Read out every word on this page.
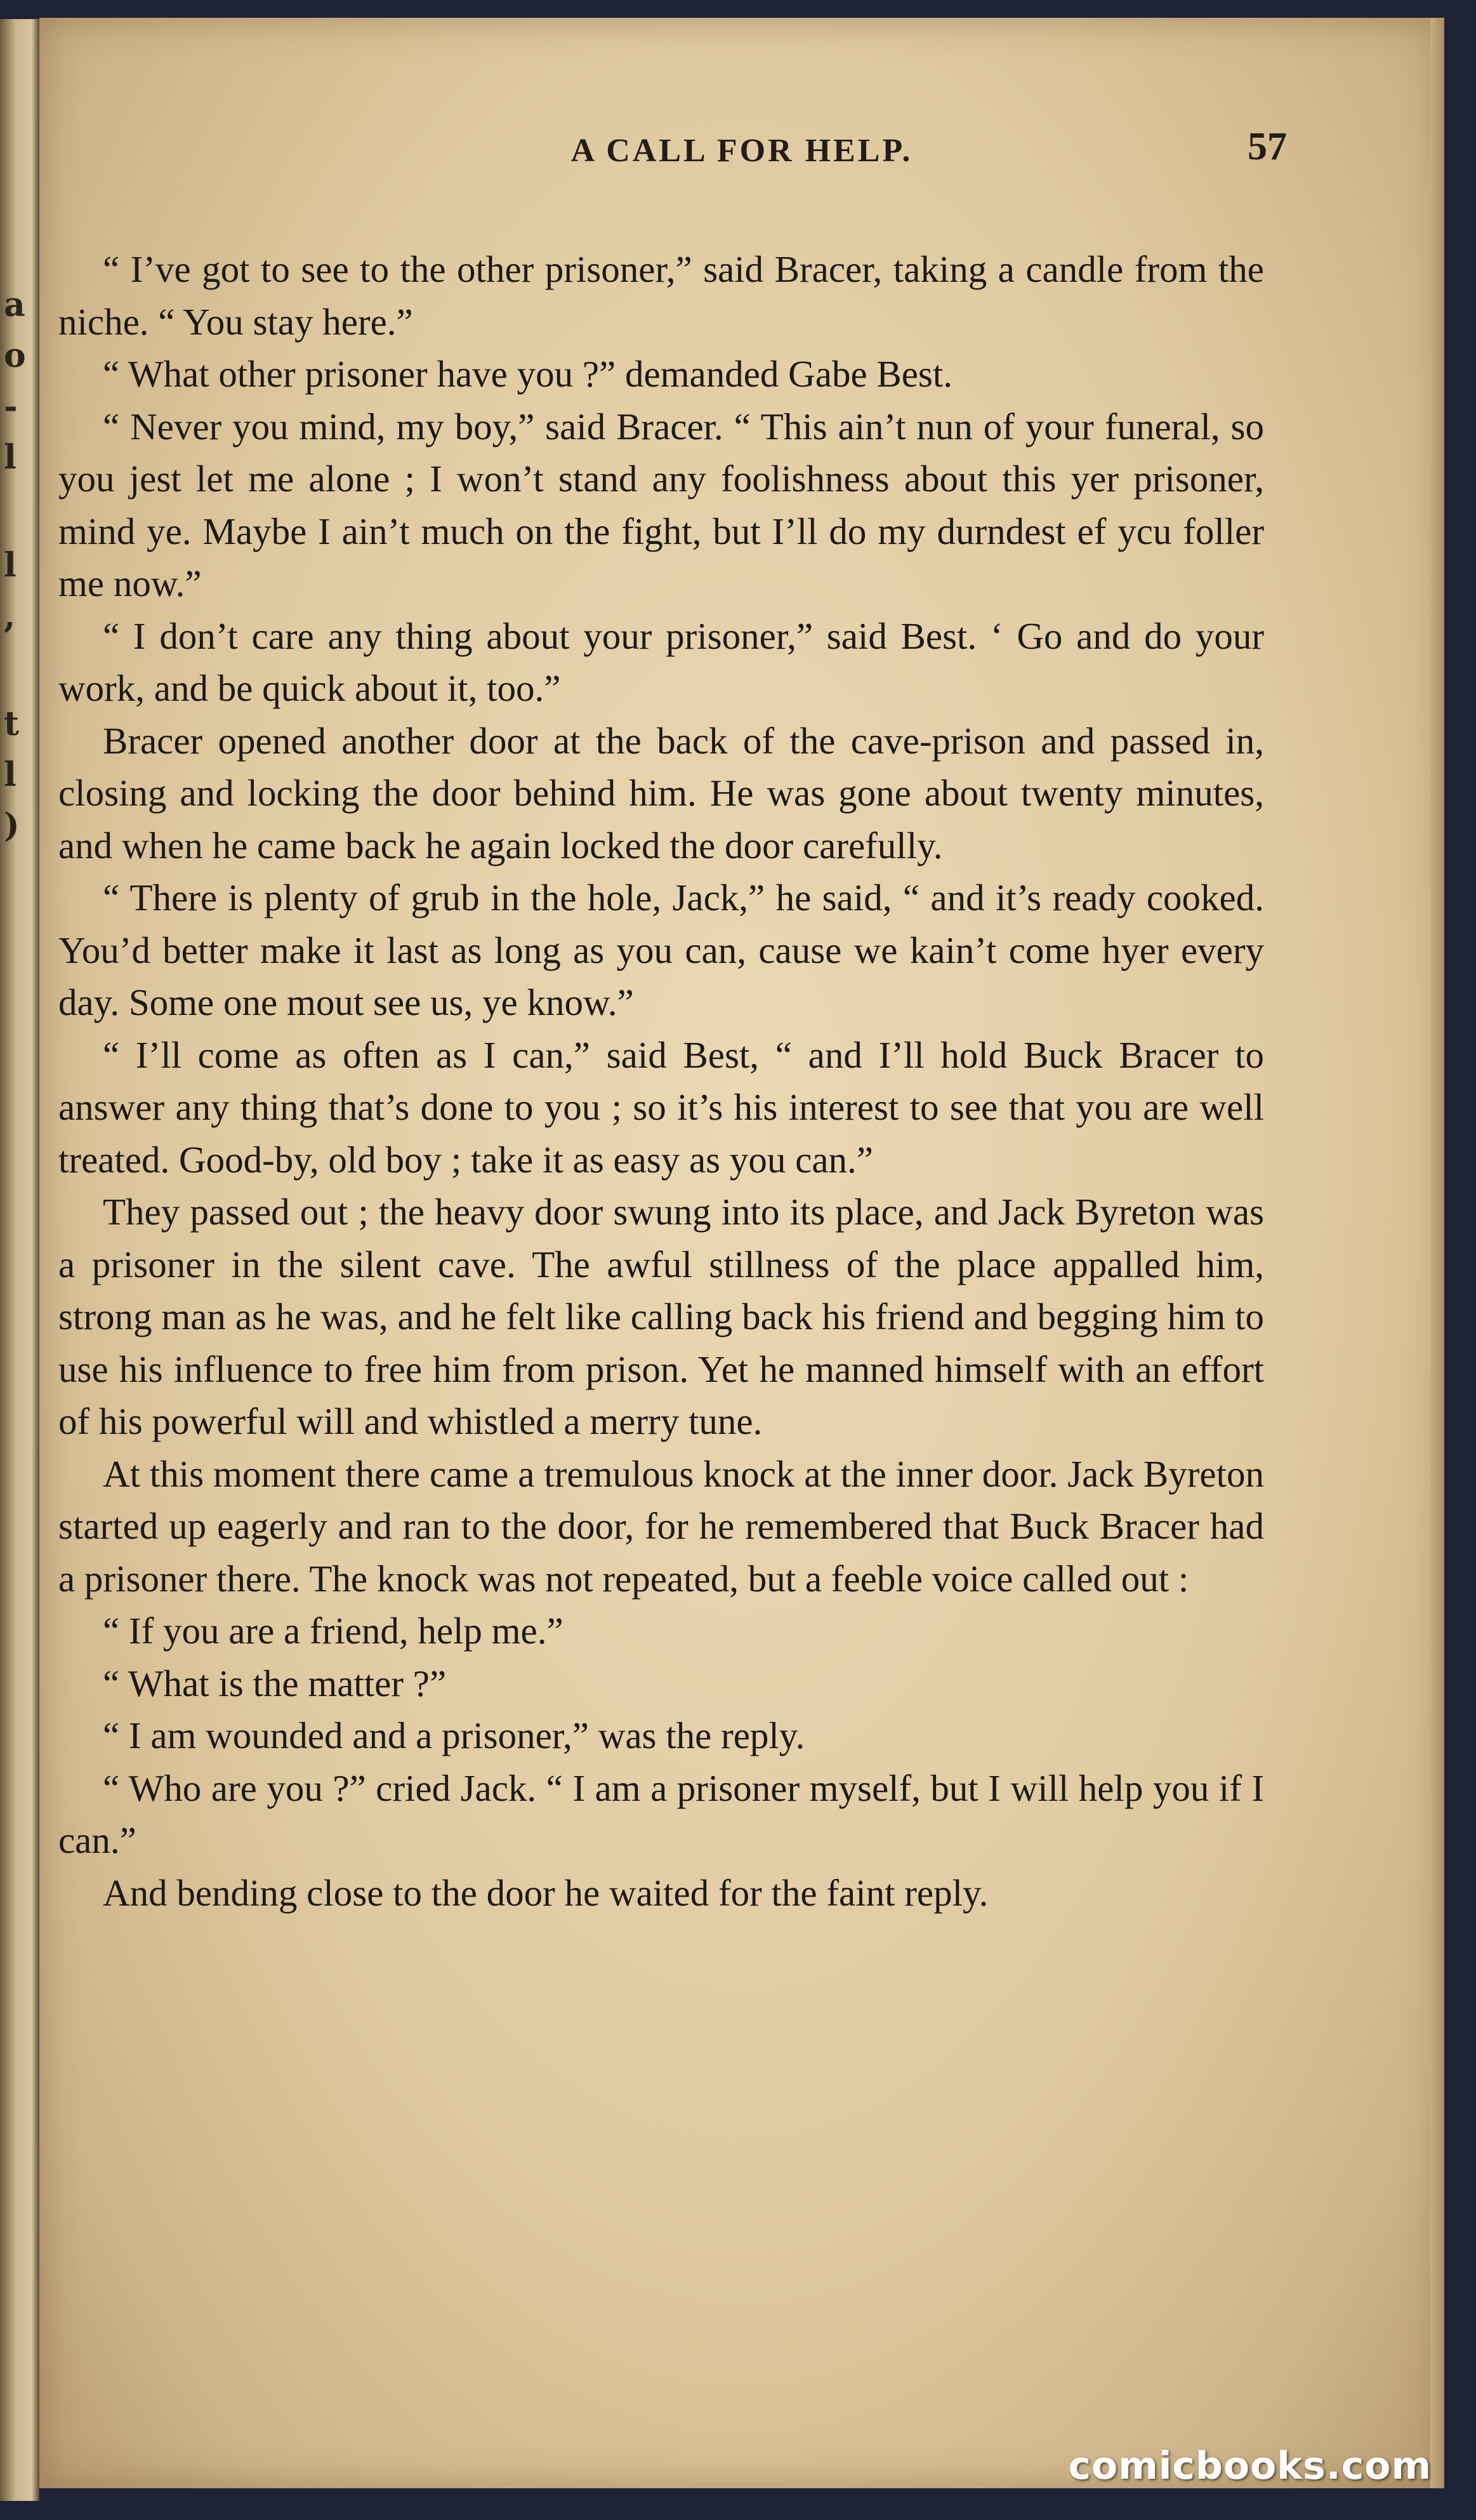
a
o
-
l
l
,
t
l
)
A CALL FOR HELP.	57

“ I’ve got to see to the other prisoner,” said Bracer, taking a candle from the niche. “ You stay here.”

“ What other prisoner have you ?” demanded Gabe Best.

“ Never you mind, my boy,” said Bracer. “ This ain’t nun of your funeral, so you jest let me alone ; I won’t stand any foolishness about this yer prisoner, mind ye. Maybe I ain’t much on the fight, but I’ll do my durndest ef ycu foller me now.”

“ I don’t care any thing about your prisoner,” said Best. ‘ Go and do your work, and be quick about it, too.”

Bracer opened another door at the back of the cave-prison and passed in, closing and locking the door behind him. He was gone about twenty minutes, and when he came back he again locked the door carefully.

“ There is plenty of grub in the hole, Jack,” he said, “ and it’s ready cooked. You’d better make it last as long as you can, cause we kain’t come hyer every day. Some one mout see us, ye know.”

“ I’ll come as often as I can,” said Best, “ and I’ll hold Buck Bracer to answer any thing that’s done to you ; so it’s his interest to see that you are well treated. Good-by, old boy ; take it as easy as you can.”

They passed out ; the heavy door swung into its place, and Jack Byreton was a prisoner in the silent cave. The awful stillness of the place appalled him, strong man as he was, and he felt like calling back his friend and begging him to use his influence to free him from prison. Yet he manned himself with an effort of his powerful will and whistled a merry tune.

At this moment there came a tremulous knock at the inner door. Jack Byreton started up eagerly and ran to the door, for he remembered that Buck Bracer had a prisoner there. The knock was not repeated, but a feeble voice called out :

“ If you are a friend, help me.”

“ What is the matter ?”

“ I am wounded and a prisoner,” was the reply.

“ Who are you ?” cried Jack. “ I am a prisoner myself, but I will help you if I can.”

And bending close to the door he waited for the faint reply.

comicbooks.com
